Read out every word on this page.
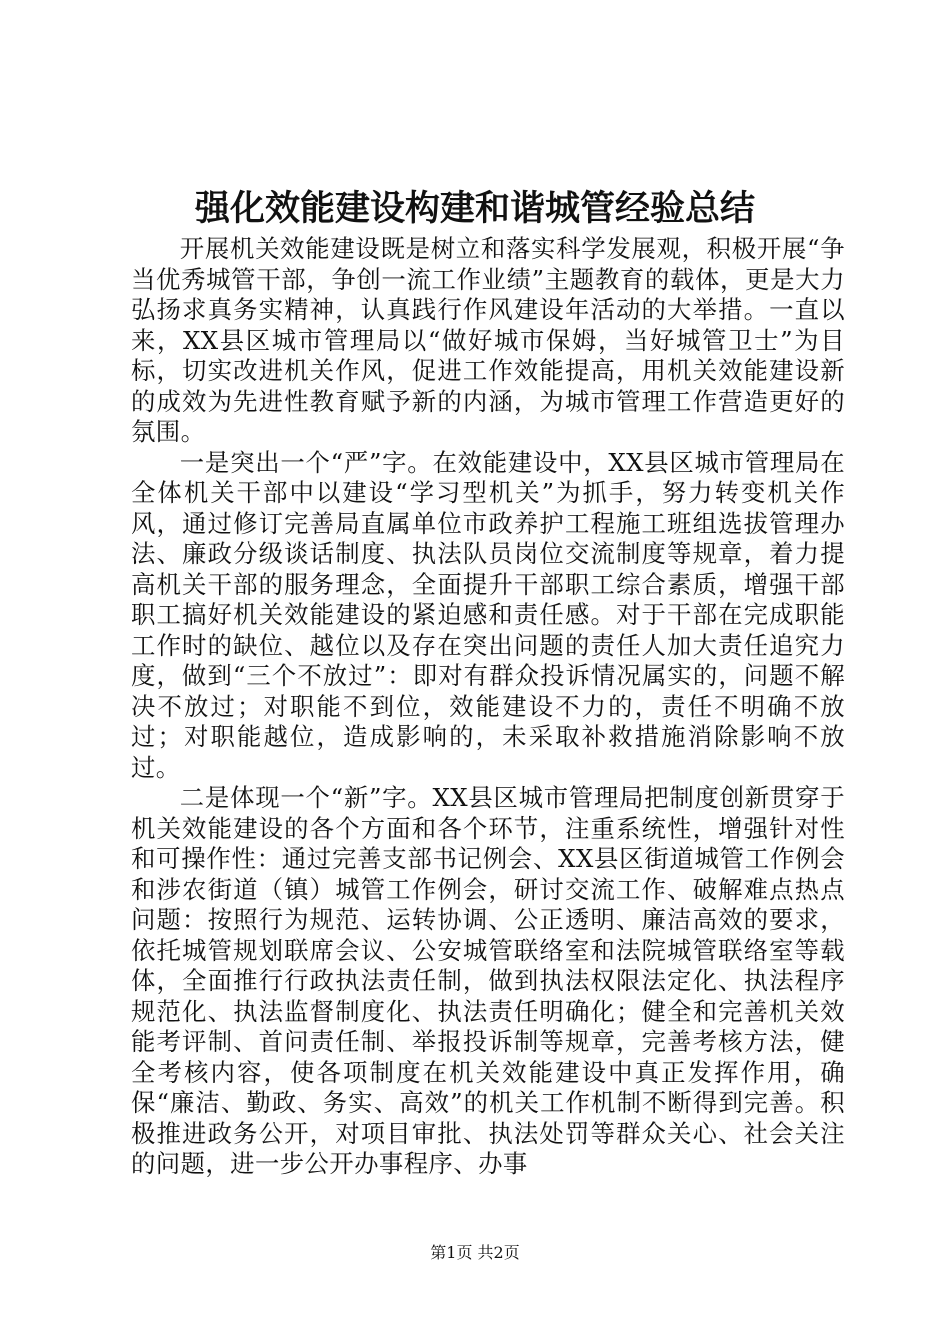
强化效能建设构建和谐城管经验总结

开展机关效能建设既是树立和落实科学发展观，积极开展“争当优秀城管干部，争创一流工作业绩”主题教育的载体，更是大力弘扬求真务实精神，认真践行作风建设年活动的大举措。一直以来，XX县区城市管理局以“做好城市保姆，当好城管卫士”为目标，切实改进机关作风，促进工作效能提高，用机关效能建设新的成效为先进性教育赋予新的内涵，为城市管理工作营造更好的氛围。

一是突出一个“严”字。在效能建设中，XX县区城市管理局在全体机关干部中以建设“学习型机关”为抓手，努力转变机关作风，通过修订完善局直属单位市政养护工程施工班组选拔管理办法、廉政分级谈话制度、执法队员岗位交流制度等规章，着力提高机关干部的服务理念，全面提升干部职工综合素质，增强干部职工搞好机关效能建设的紧迫感和责任感。对于干部在完成职能工作时的缺位、越位以及存在突出问题的责任人加大责任追究力度，做到“三个不放过”：即对有群众投诉情况属实的，问题不解决不放过；对职能不到位，效能建设不力的，责任不明确不放过；对职能越位，造成影响的，未采取补救措施消除影响不放过。

二是体现一个“新”字。XX县区城市管理局把制度创新贯穿于机关效能建设的各个方面和各个环节，注重系统性，增强针对性和可操作性：通过完善支部书记例会、XX县区街道城管工作例会和涉农街道（镇）城管工作例会，研讨交流工作、破解难点热点问题：按照行为规范、运转协调、公正透明、廉洁高效的要求，依托城管规划联席会议、公安城管联络室和法院城管联络室等载体，全面推行行政执法责任制，做到执法权限法定化、执法程序规范化、执法监督制度化、执法责任明确化；健全和完善机关效能考评制、首问责任制、举报投诉制等规章，完善考核方法，健全考核内容，使各项制度在机关效能建设中真正发挥作用，确保“廉洁、勤政、务实、高效”的机关工作机制不断得到完善。积极推进政务公开，对项目审批、执法处罚等群众关心、社会关注的问题，进一步公开办事程序、办事

第1页 共2页
